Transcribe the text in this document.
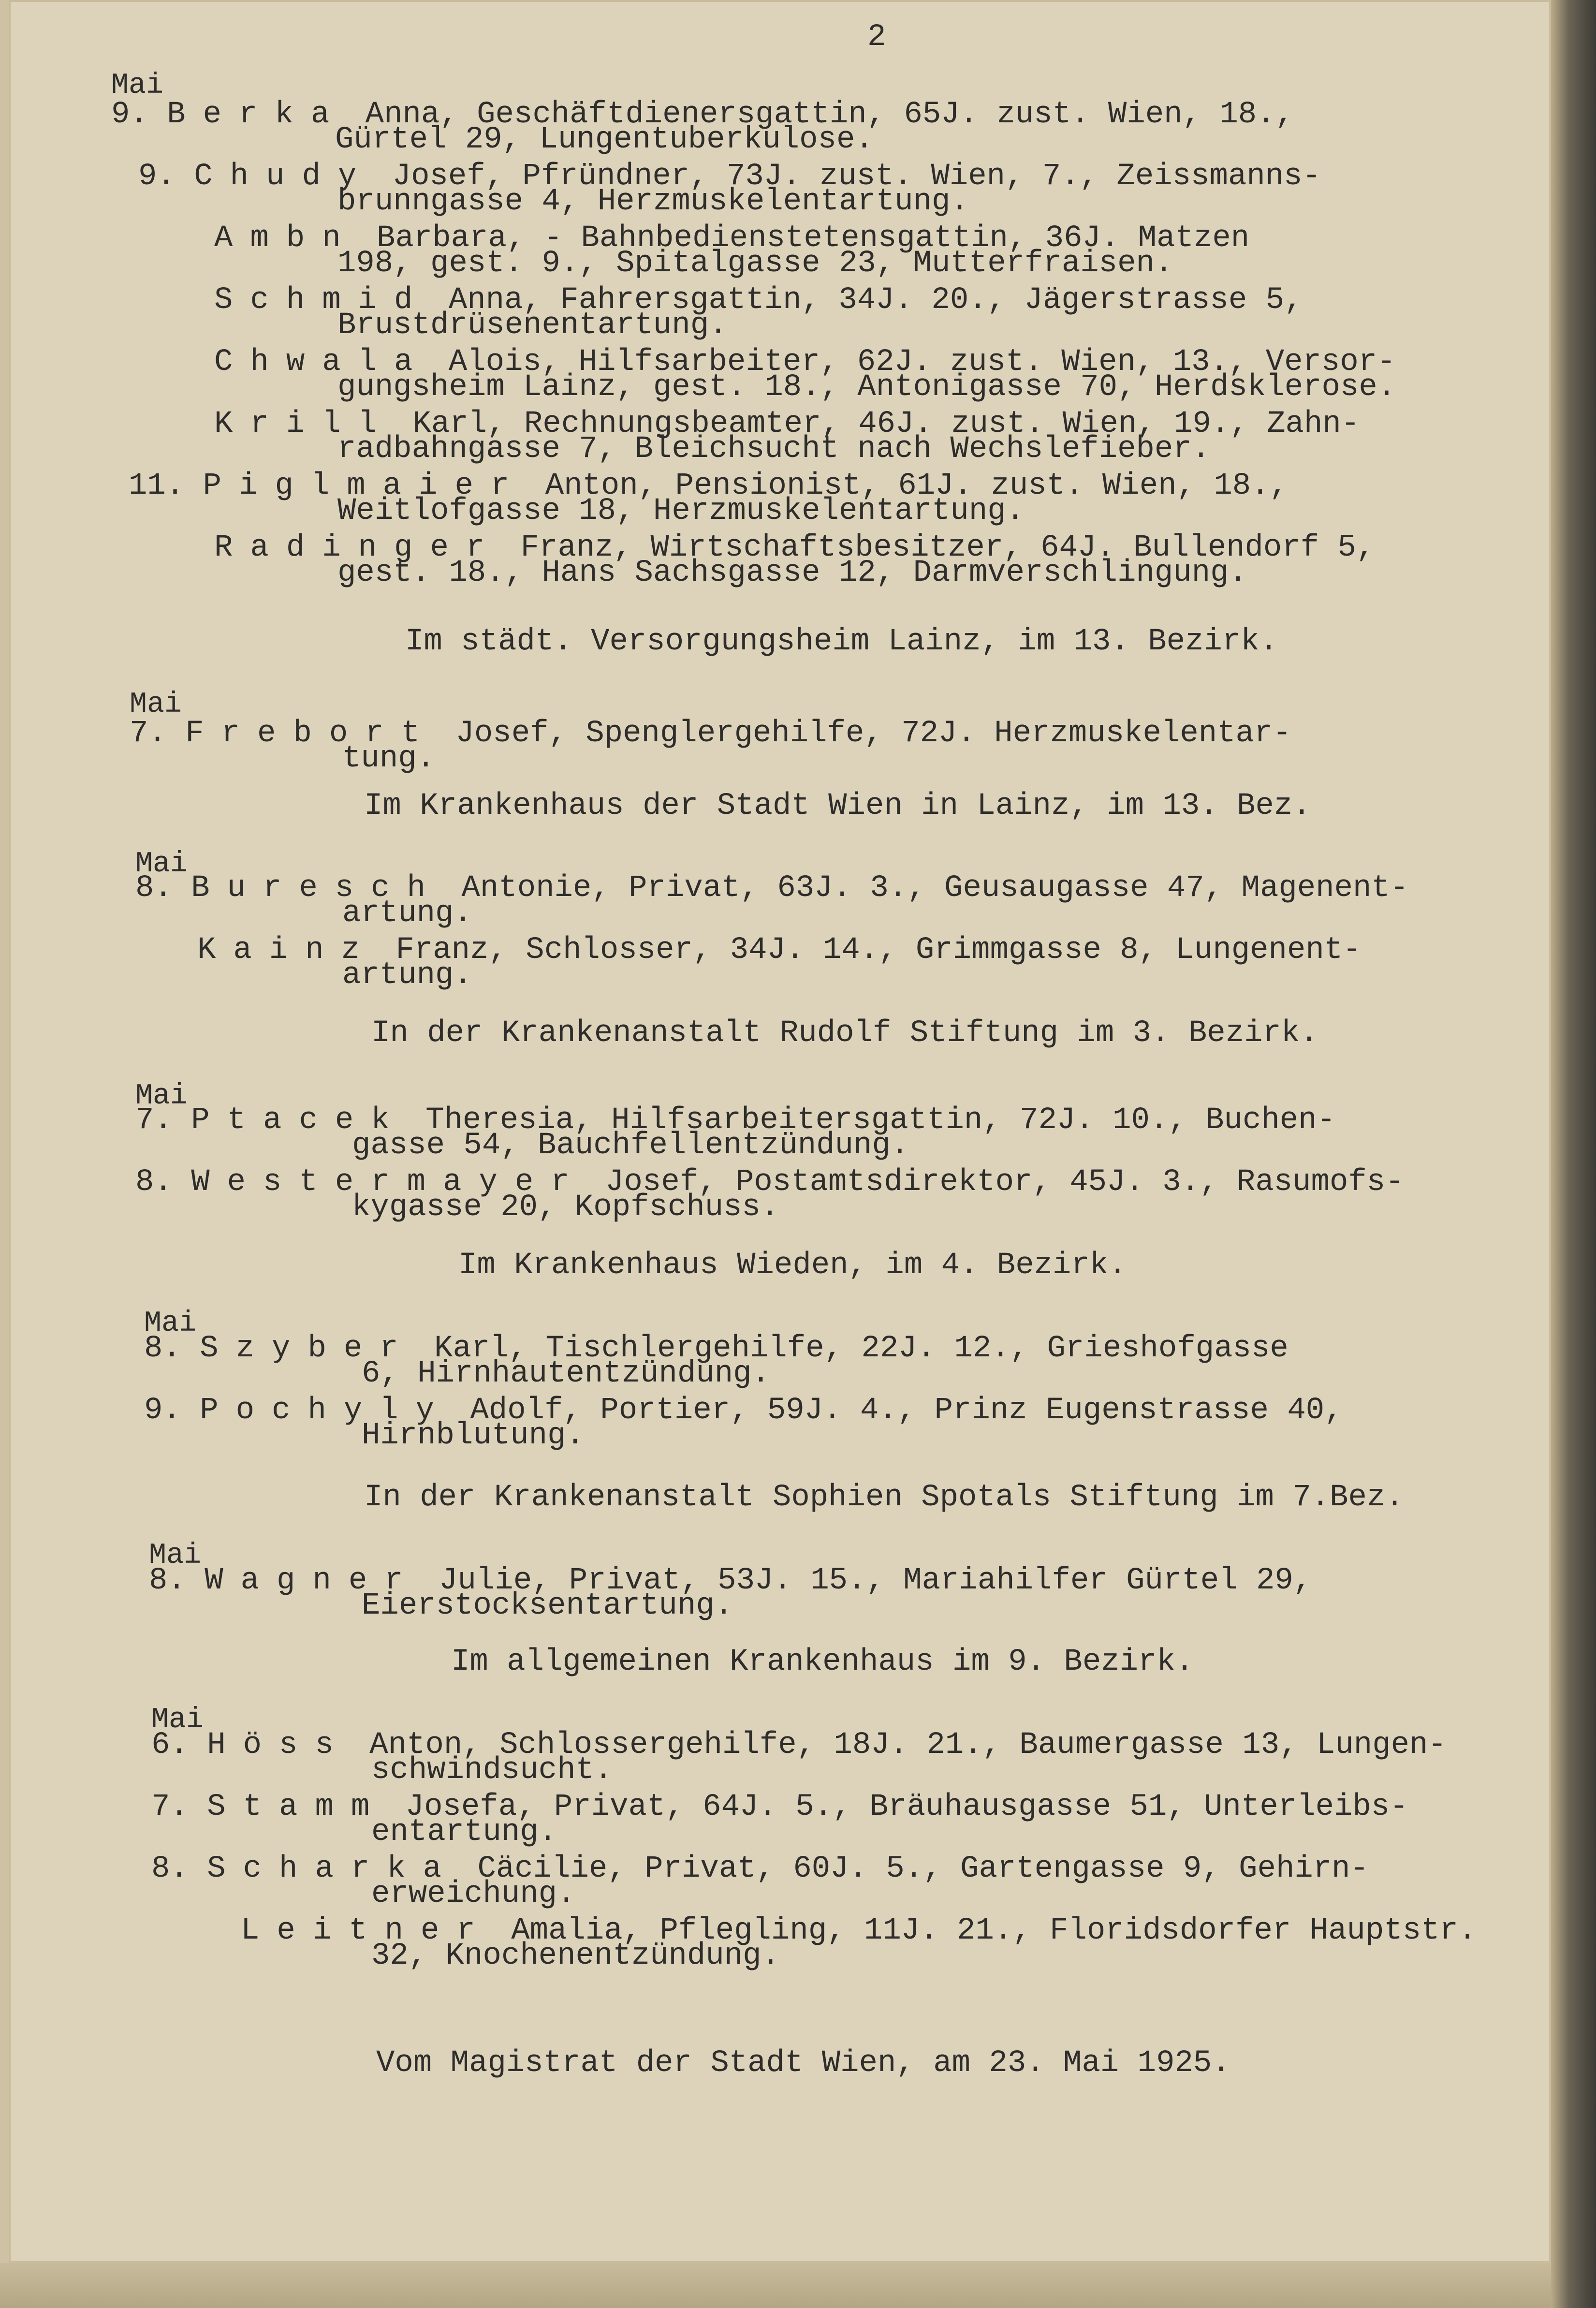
2
Mai
9. Berka Anna, Geschäftdienersgattin, 65J. zust. Wien, 18.,
Gürtel 29, Lungentuberkulose.
9. Chudy Josef, Pfründner, 73J. zust. Wien, 7., Zeissmanns-
brunngasse 4, Herzmuskelentartung.
Ambn Barbara, - Bahnbedienstetensgattin, 36J. Matzen
198, gest. 9., Spitalgasse 23, Mutterfraisen.
Schmid Anna, Fahrersgattin, 34J. 20., Jägerstrasse 5,
Brustdrüsenentartung.
Chwala Alois, Hilfsarbeiter, 62J. zust. Wien, 13., Versor-
gungsheim Lainz, gest. 18., Antonigasse 70, Herdsklerose.
Krill Karl, Rechnungsbeamter, 46J. zust. Wien, 19., Zahn-
radbahngasse 7, Bleichsucht nach Wechslefieber.
11. Piglmaier Anton, Pensionist, 61J. zust. Wien, 18.,
Weitlofgasse 18, Herzmuskelentartung.
Radinger Franz, Wirtschaftsbesitzer, 64J. Bullendorf 5,
gest. 18., Hans Sachsgasse 12, Darmverschlingung.
Im städt. Versorgungsheim Lainz, im 13. Bezirk.
Mai
7. Frebort Josef, Spenglergehilfe, 72J. Herzmuskelentar-
tung.
Im Krankenhaus der Stadt Wien in Lainz, im 13. Bez.
Mai
8. Buresch Antonie, Privat, 63J. 3., Geusaugasse 47, Magenent-
artung.
Kainz Franz, Schlosser, 34J. 14., Grimmgasse 8, Lungenent-
artung.
In der Krankenanstalt Rudolf Stiftung im 3. Bezirk.
Mai
7. Ptacek Theresia, Hilfsarbeitersgattin, 72J. 10., Buchen-
gasse 54, Bauchfellentzündung.
8. Westermayer Josef, Postamtsdirektor, 45J. 3., Rasumofs-
kygasse 20, Kopfschuss.
Im Krankenhaus Wieden, im 4. Bezirk.
Mai
8. Szyber Karl, Tischlergehilfe, 22J. 12., Grieshofgasse
6, Hirnhautentzündung.
9. Pochyly Adolf, Portier, 59J. 4., Prinz Eugenstrasse 40,
Hirnblutung.
In der Krankenanstalt Sophien Spotals Stiftung im 7.Bez.
Mai
8. Wagner Julie, Privat, 53J. 15., Mariahilfer Gürtel 29,
Eierstocksentartung.
Im allgemeinen Krankenhaus im 9. Bezirk.
Mai
6. Höss Anton, Schlossergehilfe, 18J. 21., Baumergasse 13, Lungen-
schwindsucht.
7. Stamm Josefa, Privat, 64J. 5., Bräuhausgasse 51, Unterleibs-
entartung.
8. Scharka Cäcilie, Privat, 60J. 5., Gartengasse 9, Gehirn-
erweichung.
Leitner Amalia, Pflegling, 11J. 21., Floridsdorfer Hauptstr.
32, Knochenentzündung.
Vom Magistrat der Stadt Wien, am 23. Mai 1925.
